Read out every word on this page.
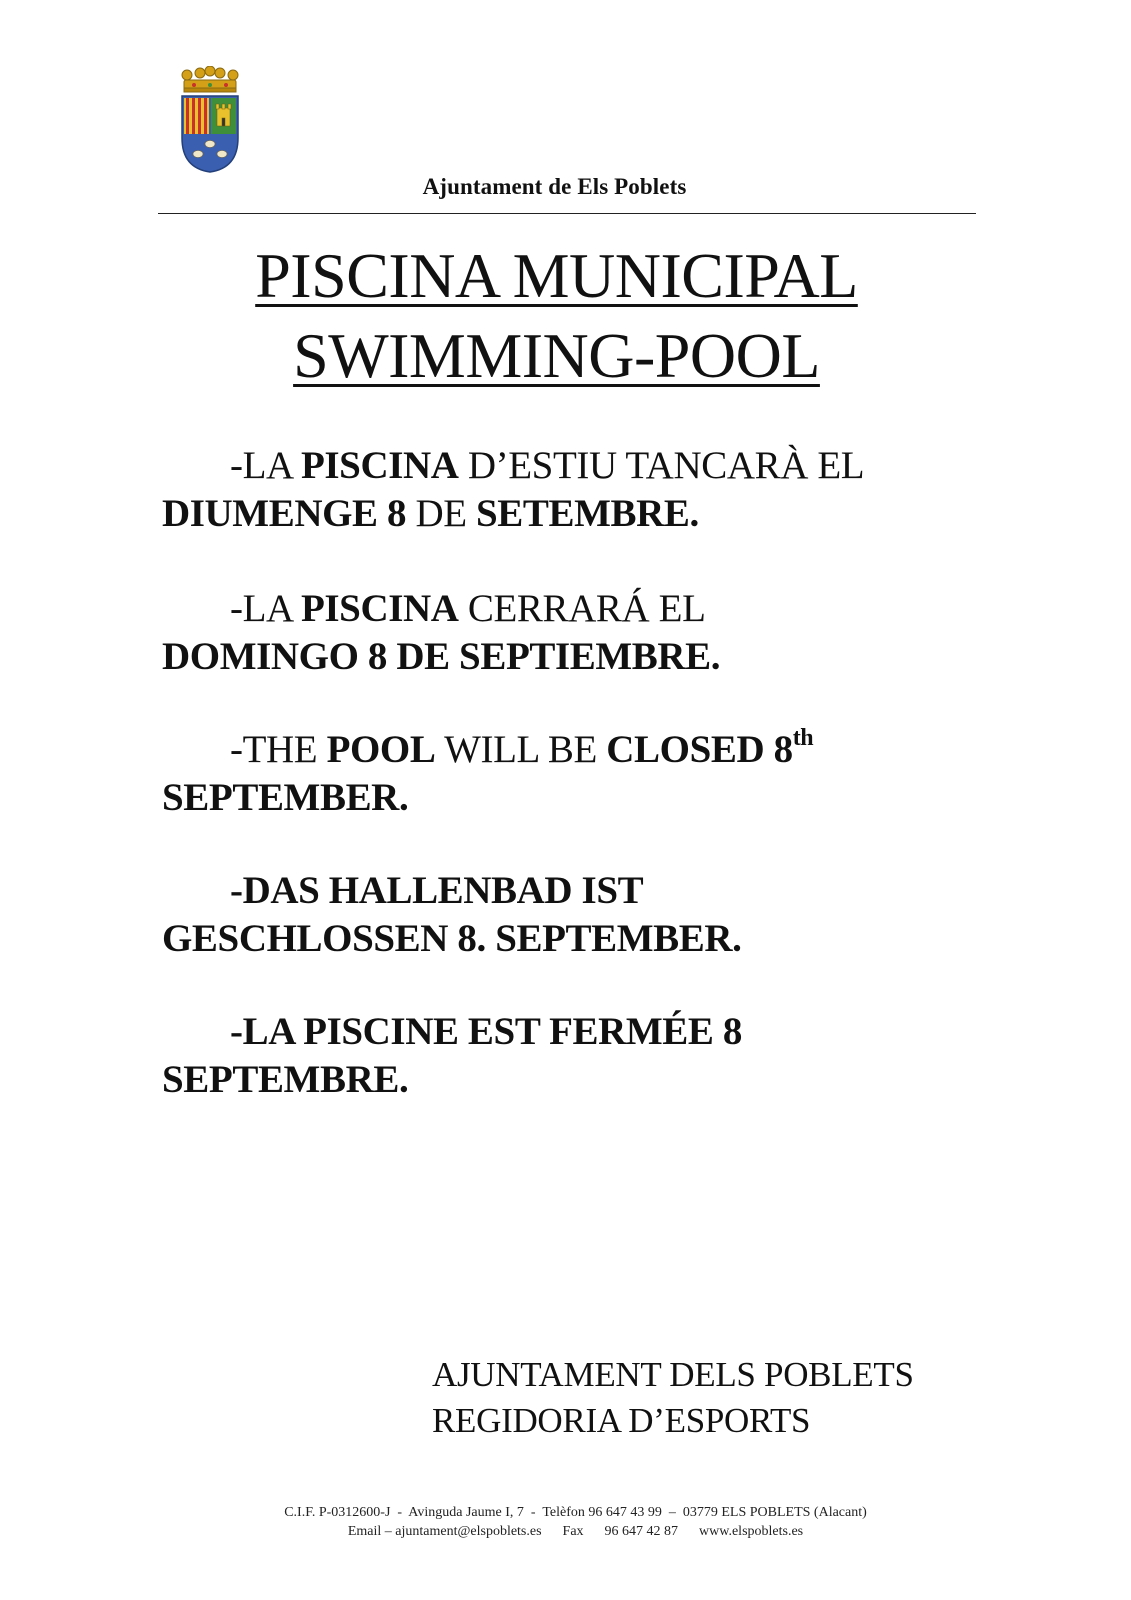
Ajuntament de Els Poblets
PISCINA MUNICIPAL
SWIMMING-POOL
-LA PISCINA D’ESTIU TANCARÀ EL
DIUMENGE 8 DE SETEMBRE.
-LA PISCINA CERRARÁ EL
DOMINGO 8 DE SEPTIEMBRE.
-THE POOL WILL BE CLOSED 8th
SEPTEMBER.
-DAS HALLENBAD IST
GESCHLOSSEN 8. SEPTEMBER.
-LA PISCINE EST FERMÉE 8
SEPTEMBRE.
AJUNTAMENT DELS POBLETS
REGIDORIA D’ESPORTS
C.I.F. P-0312600-J  -  Avinguda Jaume I, 7  -  Telèfon 96 647 43 99  –  03779 ELS POBLETS (Alacant)
Email – ajuntament@elspoblets.es      Fax      96 647 42 87      www.elspoblets.es
